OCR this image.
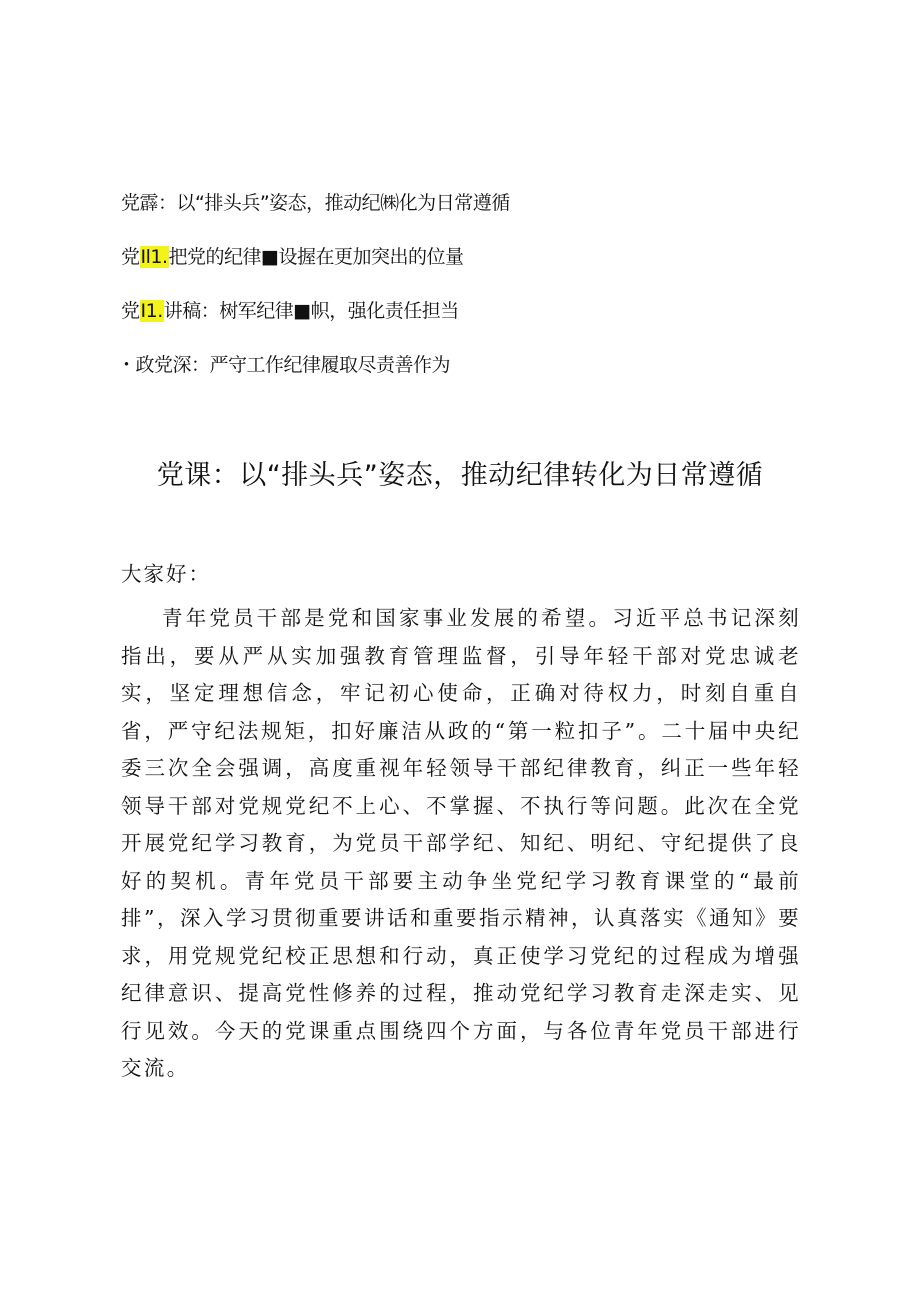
党霹：以“排头兵”姿态，推动纪㈱化为日常遵循
党Il1.把党的纪律■设握在更加突出的位量
党I1.讲稿：树军纪律■帜，强化责任担当
・政党深：严守工作纪律履取尽责善作为
党课：以“排头兵”姿态，推动纪律转化为日常遵循
大家好：

青年党员干部是党和国家事业发展的希望。习近平总书记深刻指出，要从严从实加强教育管理监督，引导年轻干部对党忠诚老实，坚定理想信念，牢记初心使命，正确对待权力，时刻自重自省，严守纪法规矩，扣好廉洁从政的“第一粒扣子”。二十届中央纪委三次全会强调，高度重视年轻领导干部纪律教育，纠正一些年轻领导干部对党规党纪不上心、不掌握、不执行等问题。此次在全党开展党纪学习教育，为党员干部学纪、知纪、明纪、守纪提供了良好的契机。青年党员干部要主动争坐党纪学习教育课堂的“最前排”，深入学习贯彻重要讲话和重要指示精神，认真落实《通知》要求，用党规党纪校正思想和行动，真正使学习党纪的过程成为增强纪律意识、提高党性修养的过程，推动党纪学习教育走深走实、见行见效。今天的党课重点围绕四个方面，与各位青年党员干部进行交流。
